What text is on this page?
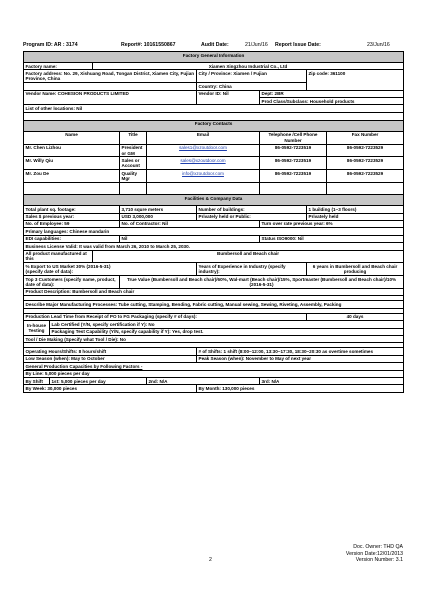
Program ID: AR : 3174	Report#: 10161550867	Audit Date:	21/Jun/16 Report Issue Date:	23/Jun/16
Factory General Information								
Factory name:		Xiamen Xingzhou Industrial Co., Ltd						
Factory address: No. 29, Xishuang Road, Tongan District, Xiamen City, Fujian Province, China					City / Province: Xiamen / Fujian		Zip code: 361100	
					Country: China			
Vendor Name: COHESION PRODUCTS LIMITED					Vendor ID: Nil	Dept: 2BR		
						Prod Class/Subclass: Household products		
List of other locations: Nil								

Factory Contacts								
Name			Title	Email		Telephone /Cell Phone Number		Fax Number
Mr. Chen Lizhou			President or GM	sales1@xzoutdoor.com		86-0592-7223519		86-0592-7223529
Mr. Willy Qiu			Sales or Account	sales@xzoutdoor.com		86-0592-7223519		86-0592-7223529
Mr. Zou De			Quality Mgr	info@xzoutdoor.com		86-0592-7223519		86-0592-7223529

Facilities & Company Data								
Total plant sq. footage:			3,710 squre meters		Number of buildings:		1 building (1~3 floors)	
Sales $ previous year:			USD 3,000,000		Privately held or Public:		Privately held	
No. of Employee: 59			No. of Contractor: Nil			Turn over rate previous year: 6%		
Primary languages: Chinese mandarin								
EDI capabilities:			Nil			Status ISO9000: Nil		
Business License Valid: It was valid from March 26, 2010 to March 25, 2030.								
All product manufactured at this		Bumbersoll and Beach chair						

% Export to US Market 30% (2016-5-31)
(specify date of data):					Years of Experience in Industry (specify industry):		6 years in Bumbersoll and Beach chair producing	
Top 3 Customers (specify name, product, date of data):			True Value (Bumbersoll and Beach chair)/60%, Wal-mart (Beach chair)/15%, Sportmaster (Bumbersoll and Beach chair)/10% (2016-5-31)					
Product Description: Bumbersoll and Beach chair								

Describe Major Manufacturing Processes: Tube cutting, Stamping, Bending, Fabric cutting, Manual sewing, Sewing, Riveting, Assembly, Packing								

Production Lead Time from Receipt of PO to FG Packaging (specify # of days):							40 days	
In-house Testing	Lab Certified (Y/N, specify certification if Y): No							
	Packaging Test Capability (Y/N, specify capability if Y): Yes, drop test.							
Tool / Die Making (Specify what Tool / Die): No								

Operating Hours/Shifts: 8 hours/shift					# of Shifts: 1 shift (8:00~12:00, 13:30~17:30, 18:30~20:30 as overtime sometimes			
Low Season (when): May to October					Peak Season (when): November to May of next year			
General Production Capacities by Following Factors -								
By Line: 5,000 pieces per day								
By Shift	1st: 5,000 pieces per day			2nd: N/A		3rd: N/A		
By Week: 30,000 pieces					By Month: 130,000 pieces			
2
Doc. Owner: THD QA
Version Date:12/01/2013
Version Number: 3.1
